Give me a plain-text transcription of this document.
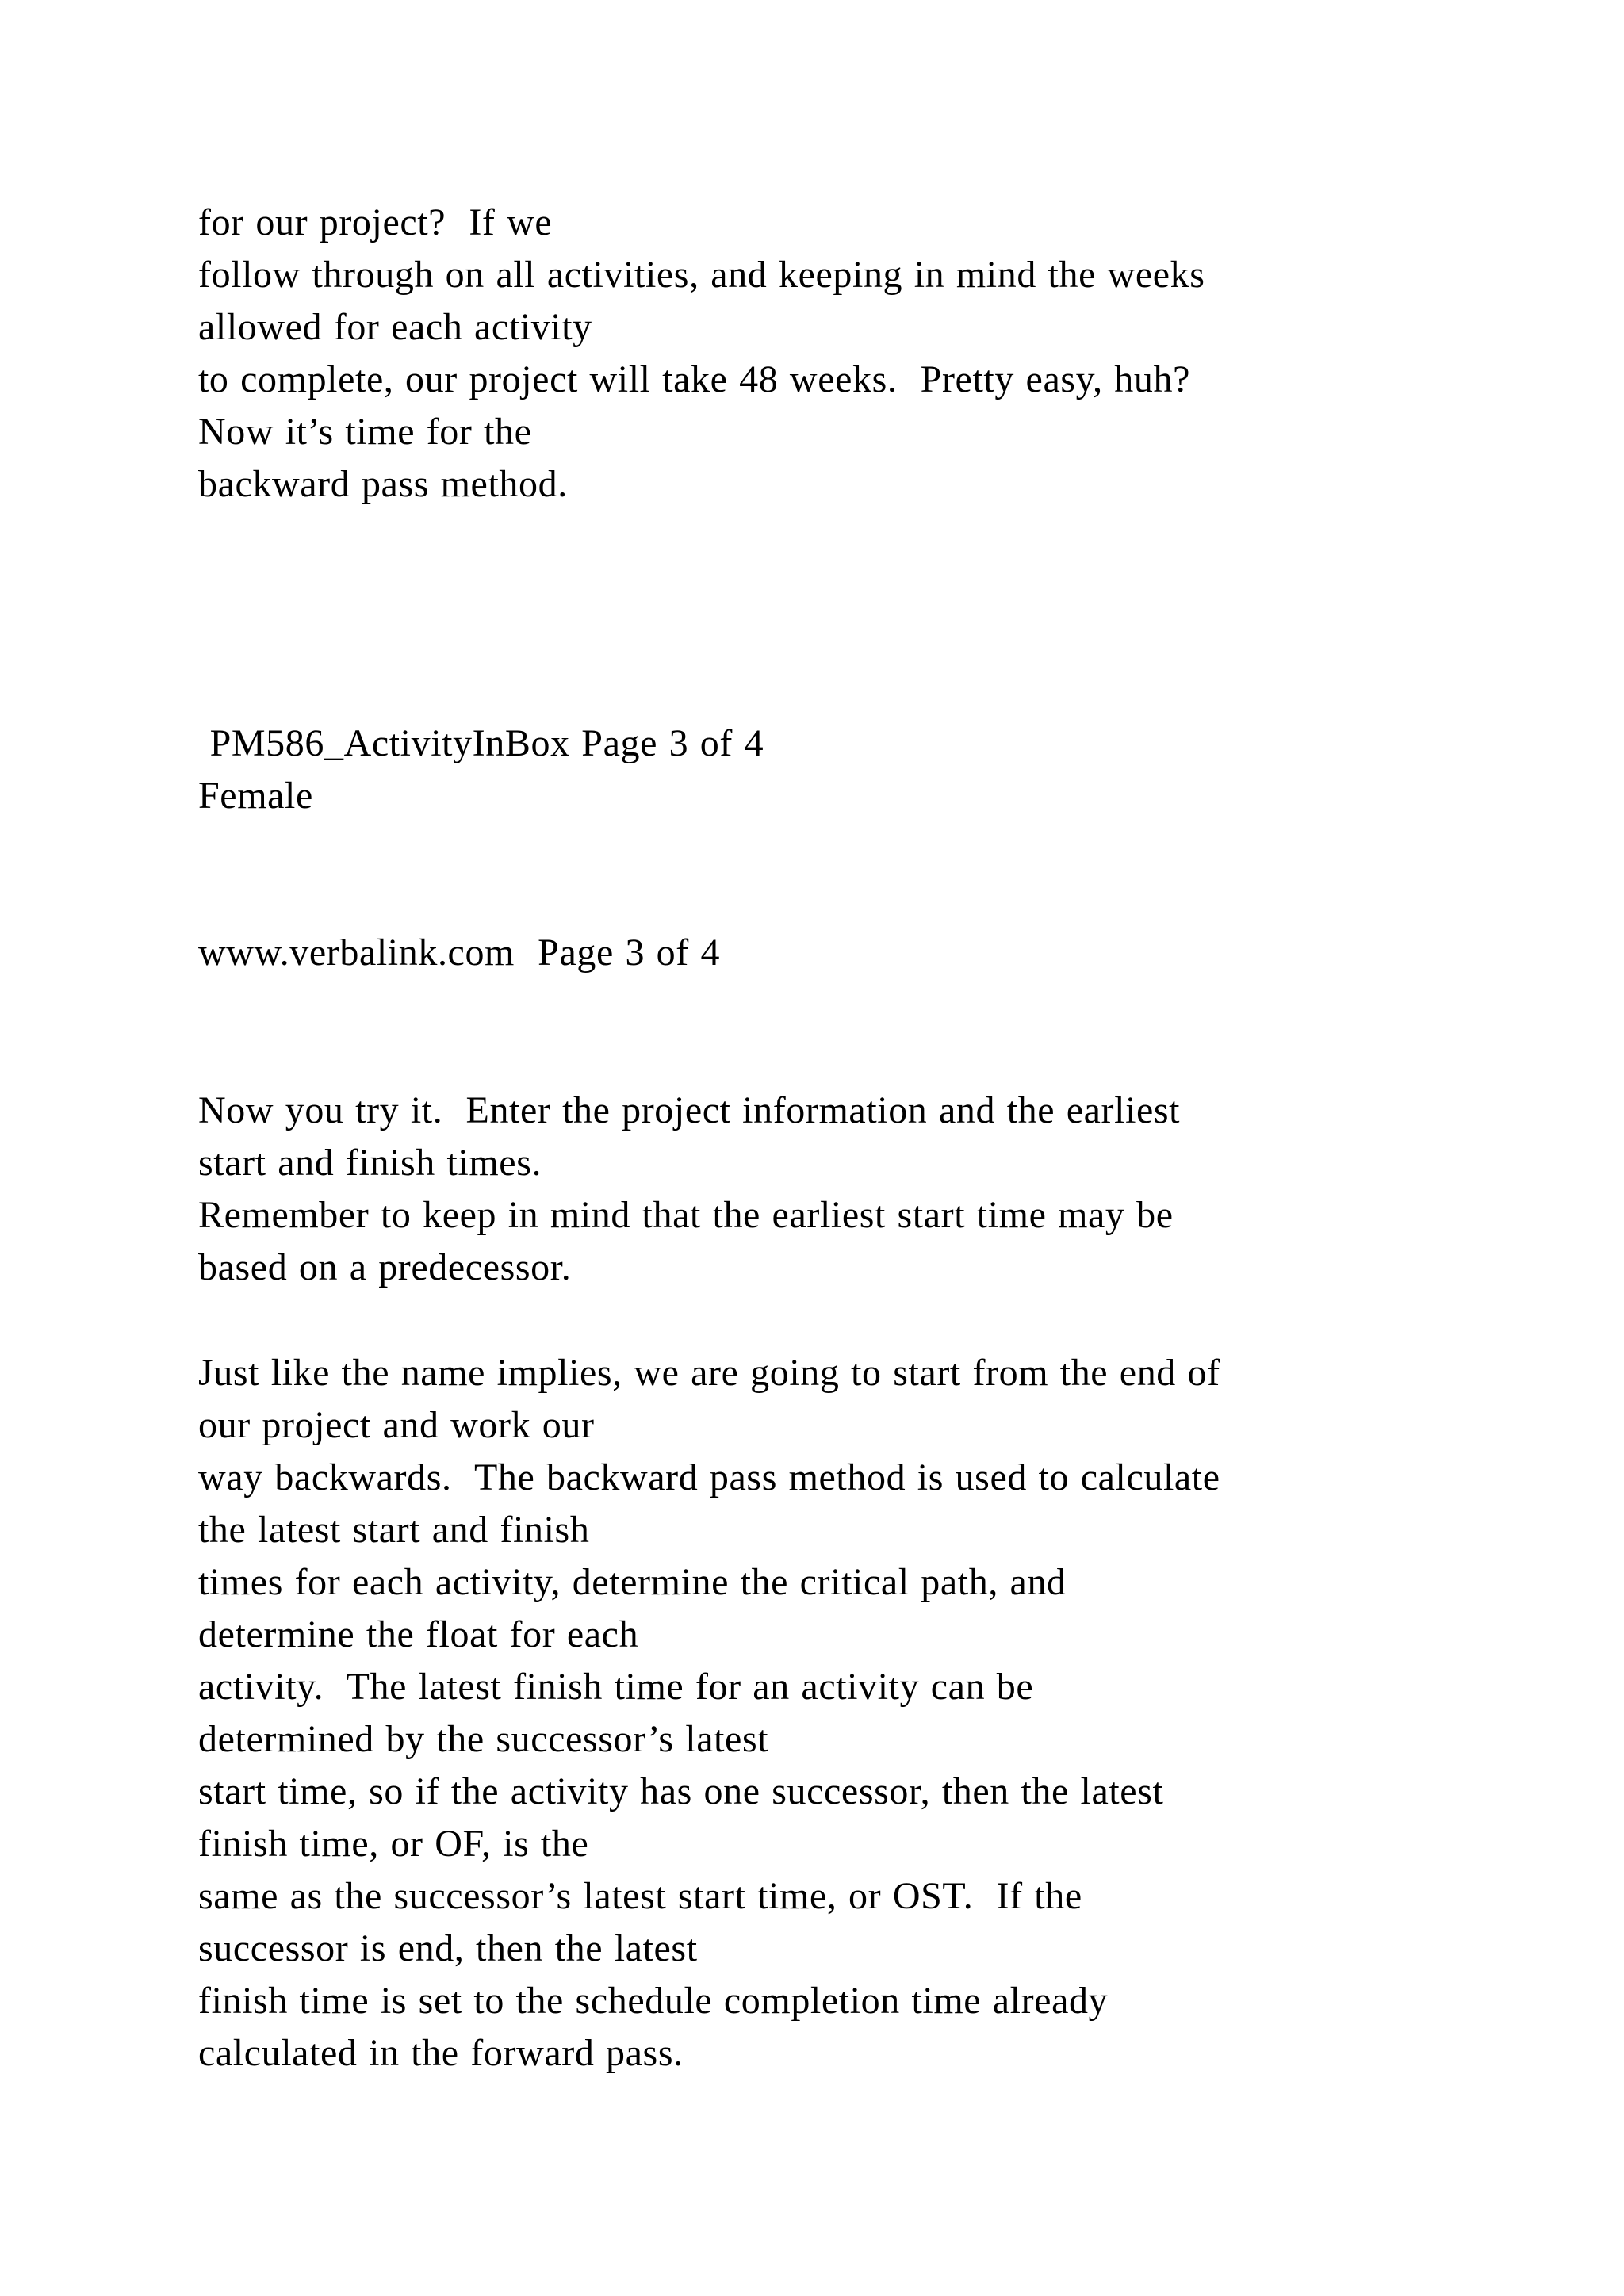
for our project?  If we
follow through on all activities, and keeping in mind the weeks
allowed for each activity
to complete, our project will take 48 weeks.  Pretty easy, huh?
Now it’s time for the
backward pass method.

PM586_ActivityInBox Page 3 of 4
Female

www.verbalink.com  Page 3 of 4

Now you try it.  Enter the project information and the earliest
start and finish times.
Remember to keep in mind that the earliest start time may be
based on a predecessor.

Just like the name implies, we are going to start from the end of
our project and work our
way backwards.  The backward pass method is used to calculate
the latest start and finish
times for each activity, determine the critical path, and
determine the float for each
activity.  The latest finish time for an activity can be
determined by the successor’s latest
start time, so if the activity has one successor, then the latest
finish time, or OF, is the
same as the successor’s latest start time, or OST.  If the
successor is end, then the latest
finish time is set to the schedule completion time already
calculated in the forward pass.
